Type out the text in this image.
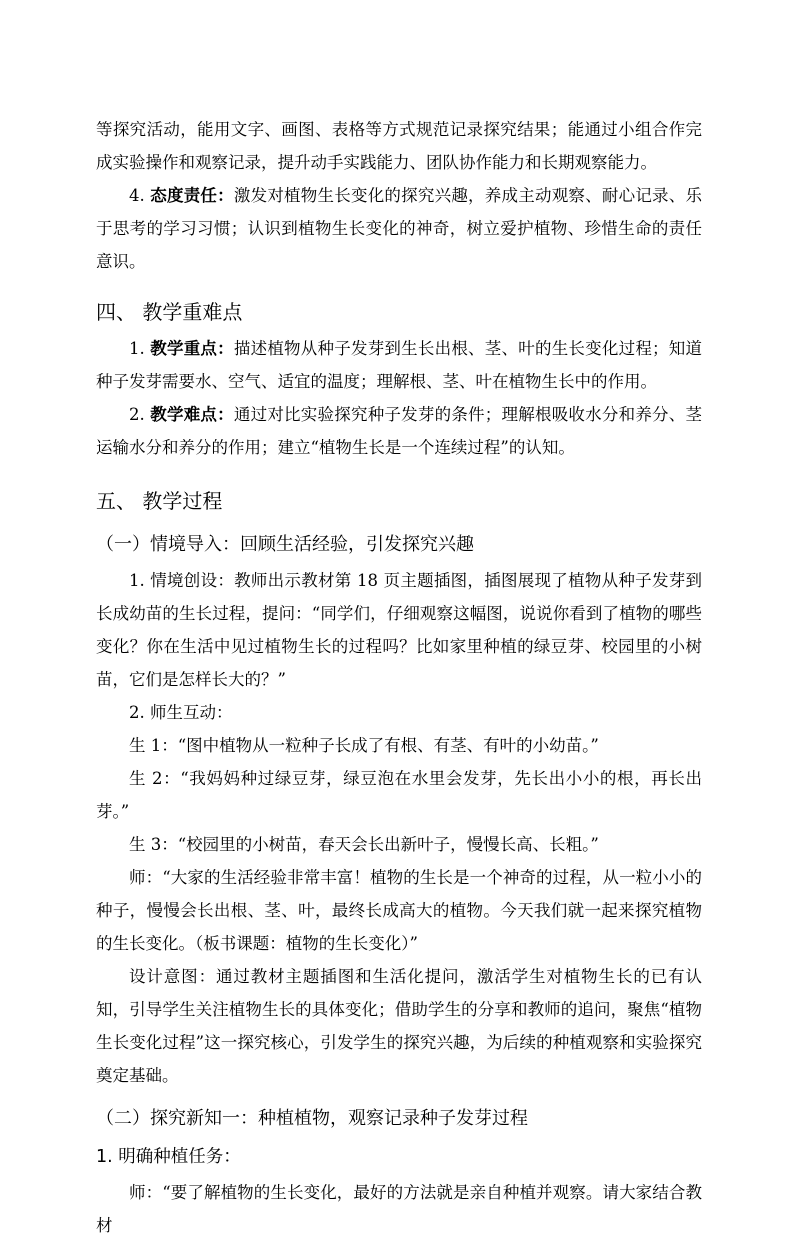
等探究活动，能用文字、画图、表格等方式规范记录探究结果；能通过小组合作完成实验操作和观察记录，提升动手实践能力、团队协作能力和长期观察能力。

4. 态度责任：激发对植物生长变化的探究兴趣，养成主动观察、耐心记录、乐于思考的学习习惯；认识到植物生长变化的神奇，树立爱护植物、珍惜生命的责任意识。

四、 教学重难点

1. 教学重点：描述植物从种子发芽到生长出根、茎、叶的生长变化过程；知道种子发芽需要水、空气、适宜的温度；理解根、茎、叶在植物生长中的作用。

2. 教学难点：通过对比实验探究种子发芽的条件；理解根吸收水分和养分、茎运输水分和养分的作用；建立“植物生长是一个连续过程”的认知。

五、 教学过程
（一）情境导入：回顾生活经验，引发探究兴趣

1. 情境创设：教师出示教材第 18 页主题插图，插图展现了植物从种子发芽到长成幼苗的生长过程，提问：“同学们，仔细观察这幅图，说说你看到了植物的哪些变化？你在生活中见过植物生长的过程吗？比如家里种植的绿豆芽、校园里的小树苗，它们是怎样长大的？”

2. 师生互动：

生 1：“图中植物从一粒种子长成了有根、有茎、有叶的小幼苗。”

生 2：“我妈妈种过绿豆芽，绿豆泡在水里会发芽，先长出小小的根，再长出芽。”

生 3：“校园里的小树苗，春天会长出新叶子，慢慢长高、长粗。”

师：“大家的生活经验非常丰富！植物的生长是一个神奇的过程，从一粒小小的种子，慢慢会长出根、茎、叶，最终长成高大的植物。今天我们就一起来探究植物的生长变化。（板书课题：植物的生长变化）”

设计意图：通过教材主题插图和生活化提问，激活学生对植物生长的已有认知，引导学生关注植物生长的具体变化；借助学生的分享和教师的追问，聚焦“植物生长变化过程”这一探究核心，引发学生的探究兴趣，为后续的种植观察和实验探究奠定基础。

（二）探究新知一：种植植物，观察记录种子发芽过程
1. 明确种植任务：

师：“要了解植物的生长变化，最好的方法就是亲自种植并观察。请大家结合教材
